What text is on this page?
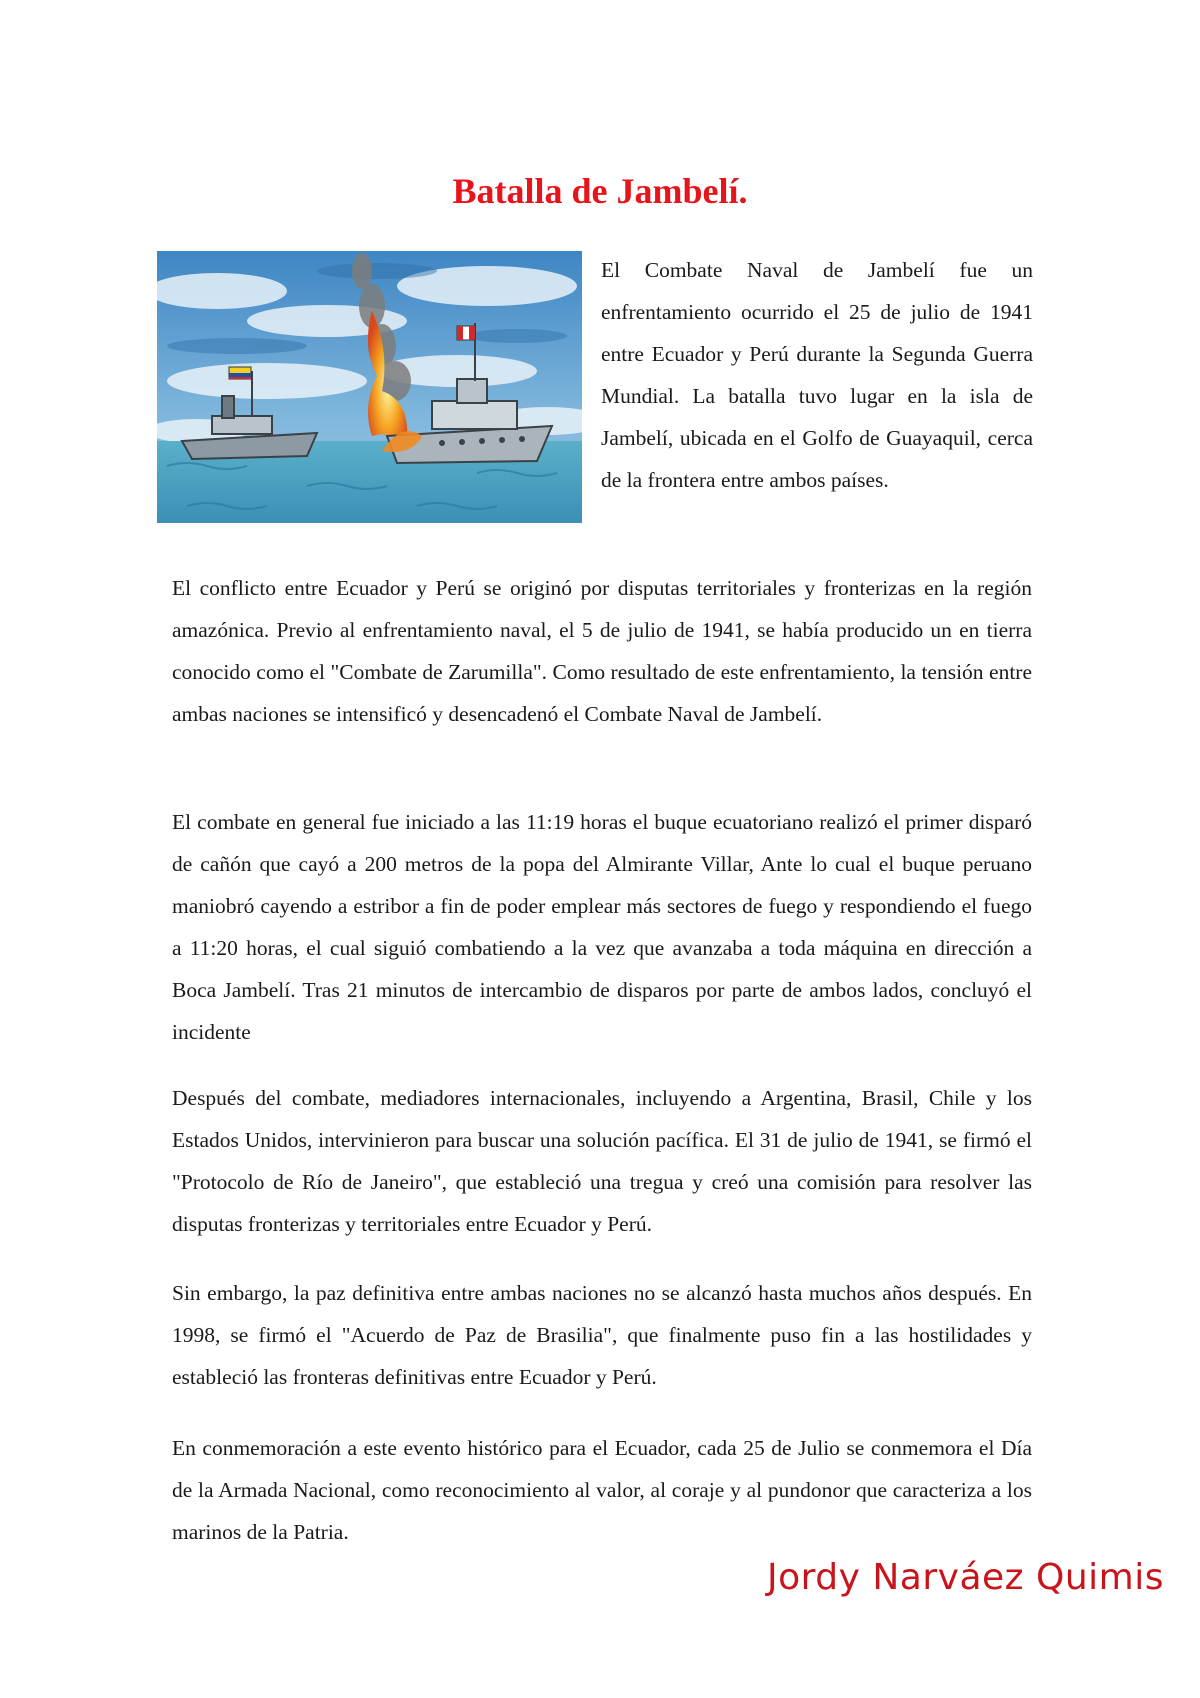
Batalla de Jambelí.

El Combate Naval de Jambelí fue un enfrentamiento ocurrido el 25 de julio de 1941 entre Ecuador y Perú durante la Segunda Guerra Mundial. La batalla tuvo lugar en la isla de Jambelí, ubicada en el Golfo de Guayaquil, cerca de la frontera entre ambos países.

El conflicto entre Ecuador y Perú se originó por disputas territoriales y fronterizas en la región amazónica. Previo al enfrentamiento naval, el 5 de julio de 1941, se había producido un en tierra conocido como el "Combate de Zarumilla". Como resultado de este enfrentamiento, la tensión entre ambas naciones se intensificó y desencadenó el Combate Naval de Jambelí.

El combate en general fue iniciado a las 11:19 horas el buque ecuatoriano realizó el primer disparó de cañón que cayó a 200 metros de la popa del Almirante Villar, Ante lo cual el buque peruano maniobró cayendo a estribor a fin de poder emplear más sectores de fuego y respondiendo el fuego a 11:20 horas, el cual siguió combatiendo a la vez que avanzaba a toda máquina en dirección a Boca Jambelí. Tras 21 minutos de intercambio de disparos por parte de ambos lados, concluyó el incidente

Después del combate, mediadores internacionales, incluyendo a Argentina, Brasil, Chile y los Estados Unidos, intervinieron para buscar una solución pacífica. El 31 de julio de 1941, se firmó el "Protocolo de Río de Janeiro", que estableció una tregua y creó una comisión para resolver las disputas fronterizas y territoriales entre Ecuador y Perú.

Sin embargo, la paz definitiva entre ambas naciones no se alcanzó hasta muchos años después. En 1998, se firmó el "Acuerdo de Paz de Brasilia", que finalmente puso fin a las hostilidades y estableció las fronteras definitivas entre Ecuador y Perú.

En conmemoración a este evento histórico para el Ecuador, cada 25 de Julio se conmemora el Día de la Armada Nacional, como reconocimiento al valor, al coraje y al pundonor que caracteriza a los marinos de la Patria.

Jordy Narváez Quimis
